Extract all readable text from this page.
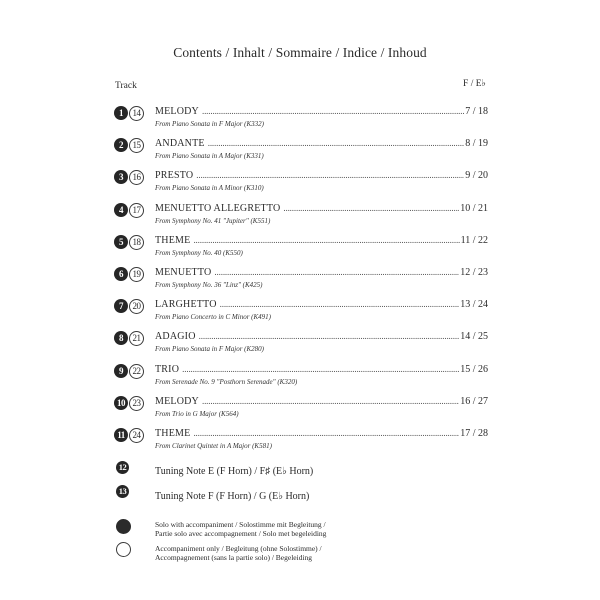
Contents / Inhalt / Sommaire / Indice / Inhoud
Track	F / E♭
1	14	MELODY . . .	7 / 18
From Piano Sonata in F Major (K332)
2	15	ANDANTE . . .	8 / 19
From Piano Sonata in A Major (K331)
3	16	PRESTO . . .	9 / 20
From Piano Sonata in A Minor (K310)
4	17	MENUETTO ALLEGRETTO . . .	10 / 21
From Symphony No. 41 "Jupiter" (K551)
5	18	THEME . . .	11 / 22
From Symphony No. 40 (K550)
6	19	MENUETTO . . .	12 / 23
From Symphony No. 36 "Linz" (K425)
7	20	LARGHETTO . . .	13 / 24
From Piano Concerto in C Minor (K491)
8	21	ADAGIO . . .	14 / 25
From Piano Sonata in F Major (K280)
9	22	TRIO . . .	15 / 26
From Serenade No. 9 "Posthorn Serenade" (K320)
10 23	MELODY . . .	16 / 27
From Trio in G Major (K564)
11 24	THEME . . .	17 / 28
From Clarinet Quintet in A Major (K581)
12	Tuning Note E (F Horn) / F♯ (E♭ Horn)
13	Tuning Note F (F Horn) / G (E♭ Horn)
Solo with accompaniment / Solostimme mit Begleitung /
Partie solo avec accompagnement / Solo met begeleiding
Accompaniment only / Begleitung (ohne Solostimme) /
Accompagnement (sans la partie solo) / Begeleiding
